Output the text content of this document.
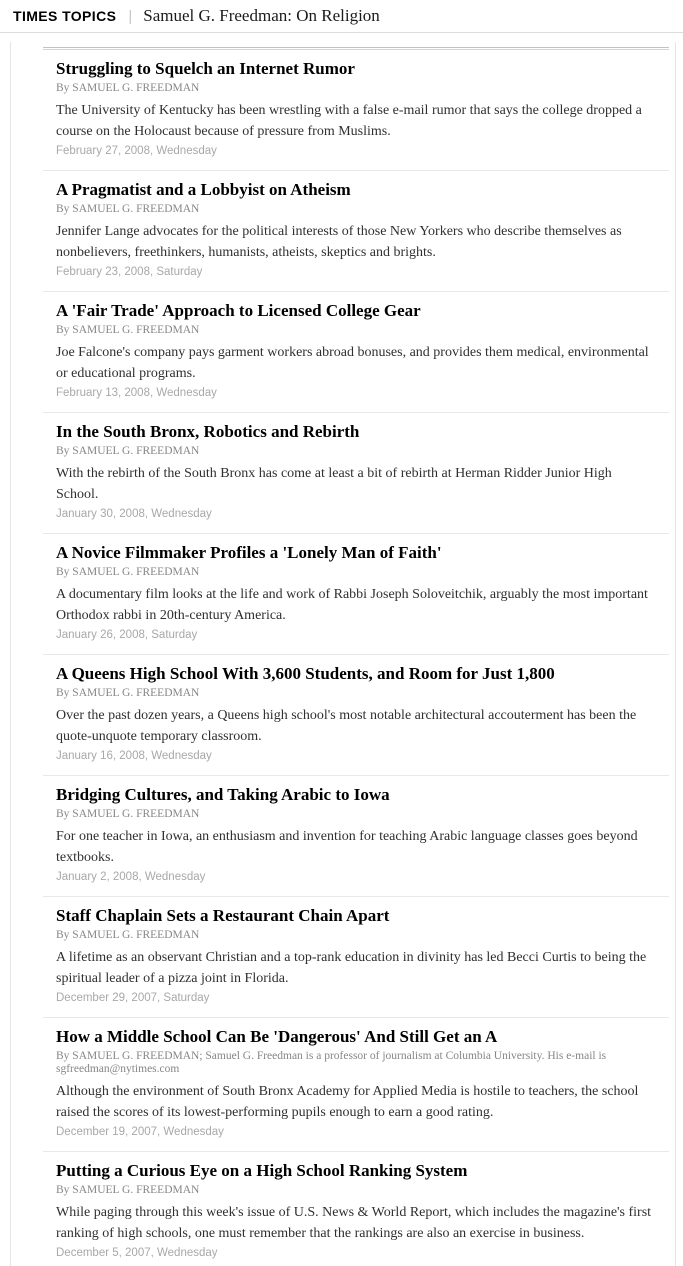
TIMES TOPICS | Samuel G. Freedman: On Religion
Struggling to Squelch an Internet Rumor

By SAMUEL G. FREEDMAN

The University of Kentucky has been wrestling with a false e-mail rumor that says the college dropped a course on the Holocaust because of pressure from Muslims.

February 27, 2008, Wednesday

A Pragmatist and a Lobbyist on Atheism

By SAMUEL G. FREEDMAN

Jennifer Lange advocates for the political interests of those New Yorkers who describe themselves as nonbelievers, freethinkers, humanists, atheists, skeptics and brights.

February 23, 2008, Saturday

A 'Fair Trade' Approach to Licensed College Gear

By SAMUEL G. FREEDMAN

Joe Falcone's company pays garment workers abroad bonuses, and provides them medical, environmental or educational programs.

February 13, 2008, Wednesday

In the South Bronx, Robotics and Rebirth

By SAMUEL G. FREEDMAN

With the rebirth of the South Bronx has come at least a bit of rebirth at Herman Ridder Junior High School.

January 30, 2008, Wednesday

A Novice Filmmaker Profiles a 'Lonely Man of Faith'

By SAMUEL G. FREEDMAN

A documentary film looks at the life and work of Rabbi Joseph Soloveitchik, arguably the most important Orthodox rabbi in 20th-century America.

January 26, 2008, Saturday

A Queens High School With 3,600 Students, and Room for Just 1,800

By SAMUEL G. FREEDMAN

Over the past dozen years, a Queens high school's most notable architectural accouterment has been the quote-unquote temporary classroom.

January 16, 2008, Wednesday

Bridging Cultures, and Taking Arabic to Iowa

By SAMUEL G. FREEDMAN

For one teacher in Iowa, an enthusiasm and invention for teaching Arabic language classes goes beyond textbooks.

January 2, 2008, Wednesday

Staff Chaplain Sets a Restaurant Chain Apart

By SAMUEL G. FREEDMAN

A lifetime as an observant Christian and a top-rank education in divinity has led Becci Curtis to being the spiritual leader of a pizza joint in Florida.

December 29, 2007, Saturday

How a Middle School Can Be 'Dangerous' And Still Get an A

By SAMUEL G. FREEDMAN; Samuel G. Freedman is a professor of journalism at Columbia University. His e-mail is sgfreedman@nytimes.com

Although the environment of South Bronx Academy for Applied Media is hostile to teachers, the school raised the scores of its lowest-performing pupils enough to earn a good rating.

December 19, 2007, Wednesday

Putting a Curious Eye on a High School Ranking System

By SAMUEL G. FREEDMAN

While paging through this week's issue of U.S. News & World Report, which includes the magazine's first ranking of high schools, one must remember that the rankings are also an exercise in business.

December 5, 2007, Wednesday
